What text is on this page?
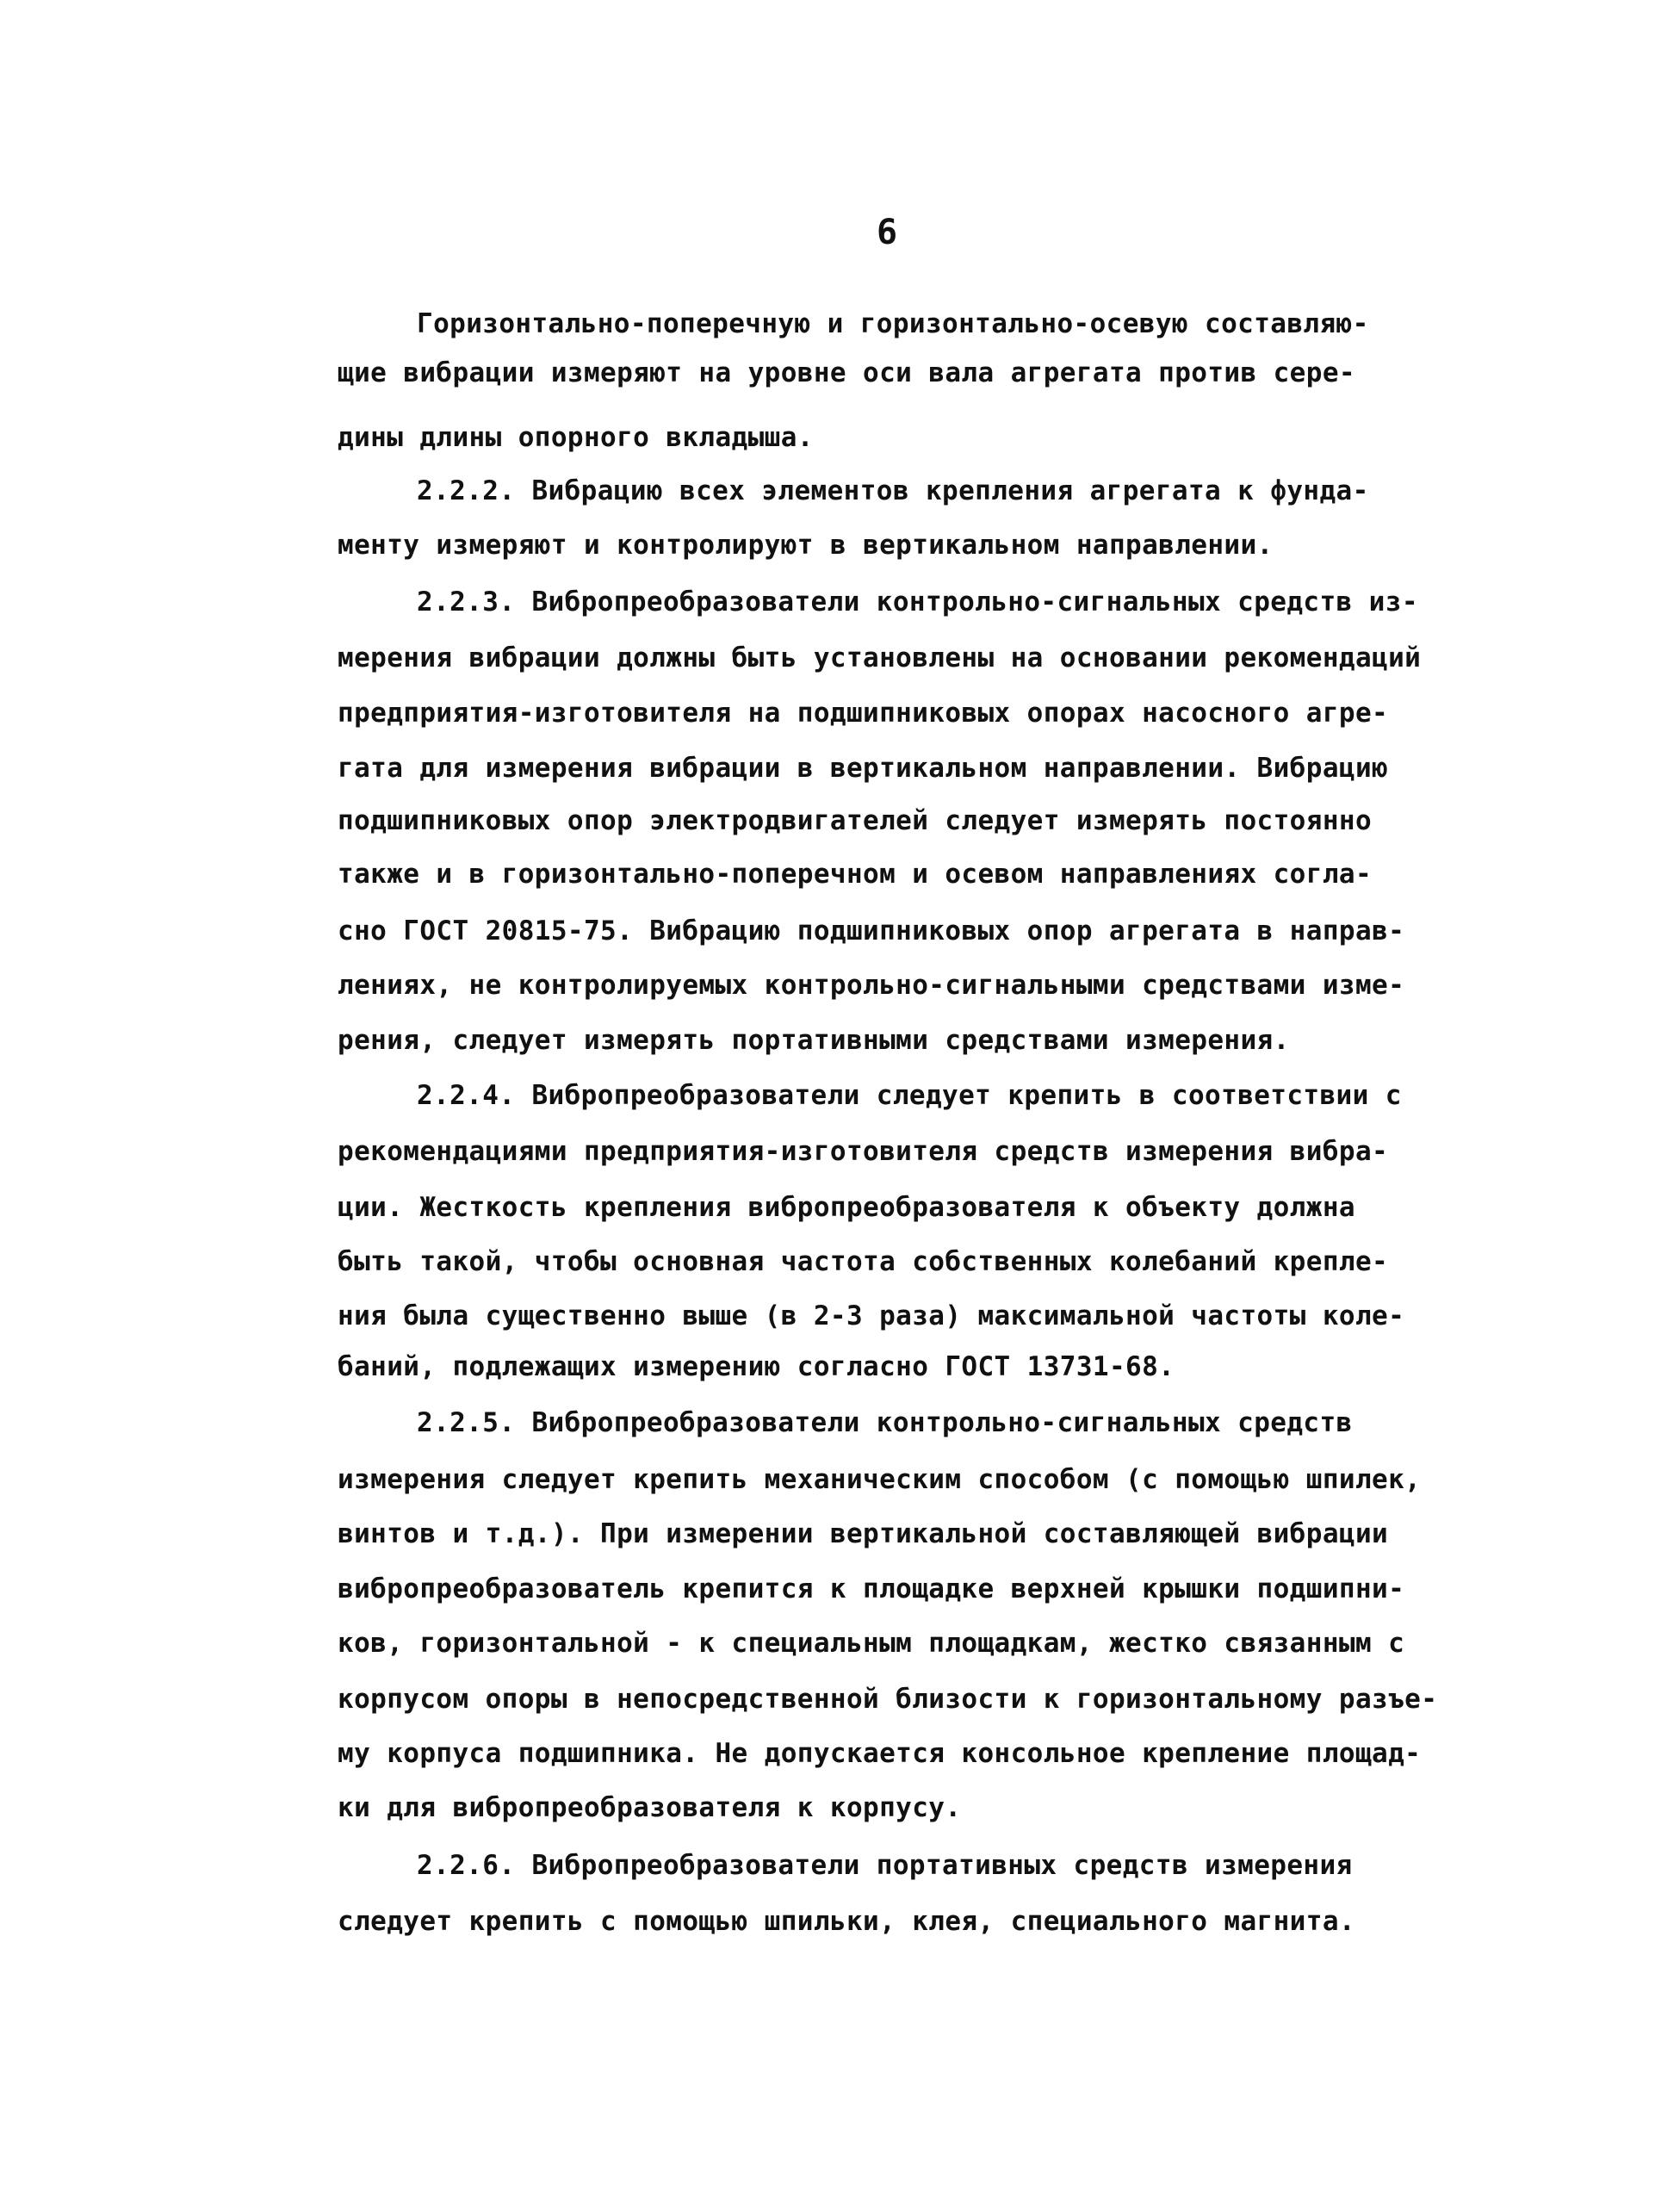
6
Горизонтально-поперечную и горизонтально-осевую составляю-
щие вибрации измеряют на уровне оси вала агрегата против сере-
дины длины опорного вкладыша.
2.2.2. Вибрацию всех элементов крепления агрегата к фунда-
менту измеряют и контролируют в вертикальном направлении.
2.2.3. Вибропреобразователи контрольно-сигнальных средств из-
мерения вибрации должны быть установлены на основании рекомендаций
предприятия-изготовителя на подшипниковых опорах насосного агре-
гата для измерения вибрации в вертикальном направлении. Вибрацию
подшипниковых опор электродвигателей следует измерять постоянно
также и в горизонтально-поперечном и осевом направлениях согла-
сно ГОСТ 20815-75. Вибрацию подшипниковых опор агрегата в направ-
лениях, не контролируемых контрольно-сигнальными средствами изме-
рения, следует измерять портативными средствами измерения.
2.2.4. Вибропреобразователи следует крепить в соответствии с
рекомендациями предприятия-изготовителя средств измерения вибра-
ции. Жесткость крепления вибропреобразователя к объекту должна
быть такой, чтобы основная частота собственных колебаний крепле-
ния была существенно выше (в 2-3 раза) максимальной частоты коле-
баний, подлежащих измерению согласно ГОСТ 13731-68.
2.2.5. Вибропреобразователи контрольно-сигнальных средств
измерения следует крепить механическим способом (с помощью шпилек,
винтов и т.д.). При измерении вертикальной составляющей вибрации
вибропреобразователь крепится к площадке верхней крышки подшипни-
ков, горизонтальной - к специальным площадкам, жестко связанным с
корпусом опоры в непосредственной близости к горизонтальному разъе-
му корпуса подшипника. Не допускается консольное крепление площад-
ки для вибропреобразователя к корпусу.
2.2.6. Вибропреобразователи портативных средств измерения
следует крепить с помощью шпильки, клея, специального магнита.
